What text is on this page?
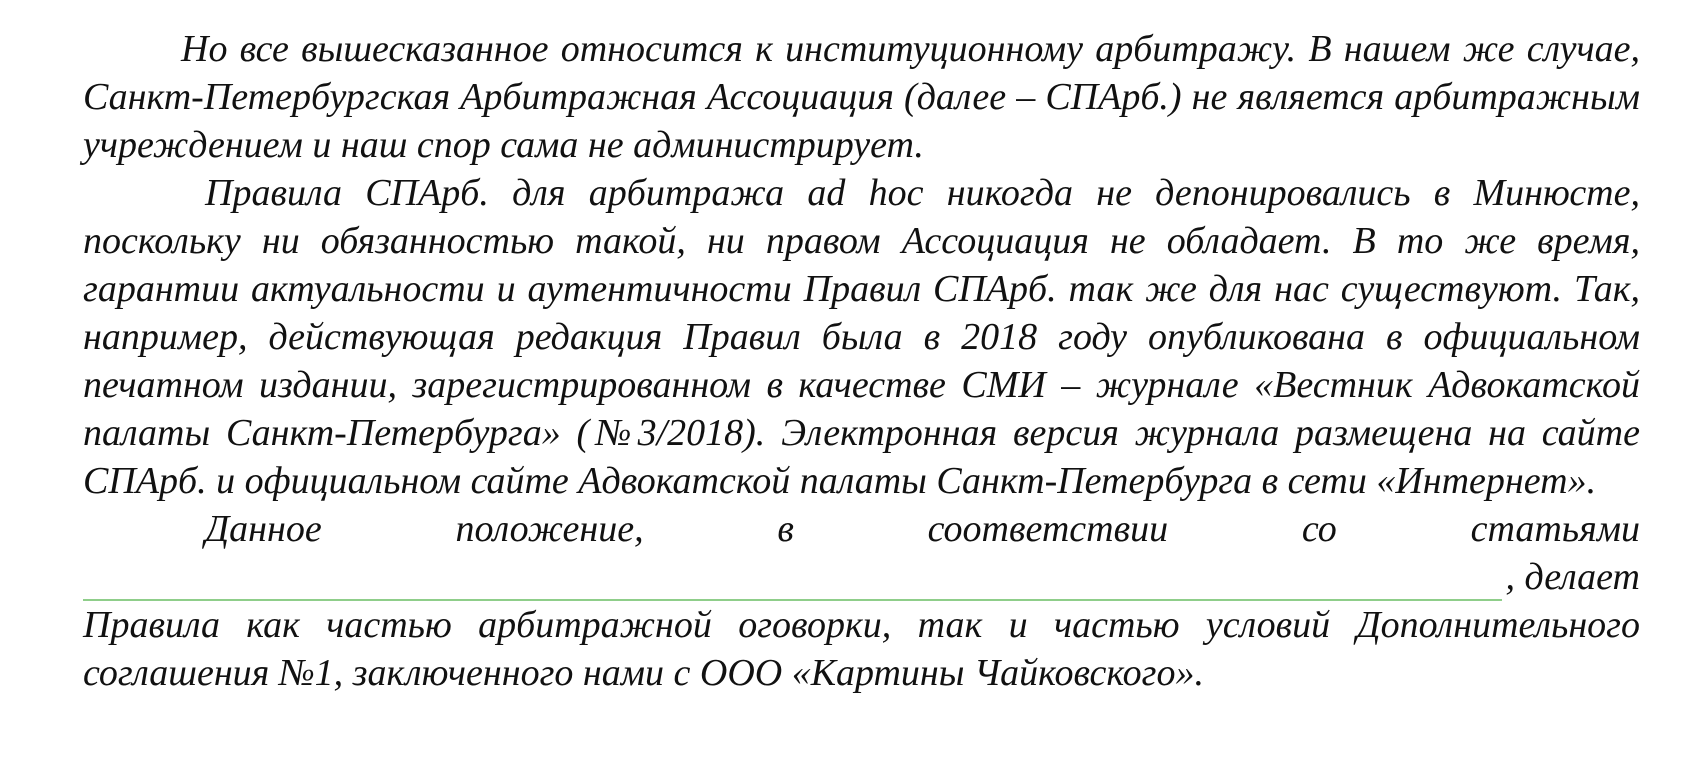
Но все вышесказанное относится к институционному арбитражу. В нашем же случае, Санкт-Петербургская Арбитражная Ассоциация (далее – СПАрб.) не является арбитражным учреждением и наш спор сама не администрирует.

Правила СПАрб. для арбитража ad hoc никогда не депонировались в Минюсте, поскольку ни обязанностью такой, ни правом Ассоциация не обладает. В то же время, гарантии актуальности и аутентичности Правил СПАрб. так же для нас существуют. Так, например, действующая редакция Правил была в 2018 году опубликована в официальном печатном издании, зарегистрированном в качестве СМИ – журнале «Вестник Адвокатской палаты Санкт-Петербурга» (№3/2018). Электронная версия журнала размещена на сайте СПАрб. и официальном сайте Адвокатской палаты Санкт-Петербурга в сети «Интернет».

Данное положение, в соответствии со статьями

, делает

Правила как частью арбитражной оговорки, так и частью условий Дополнительного соглашения №1, заключенного нами с ООО «Картины Чайковского».
